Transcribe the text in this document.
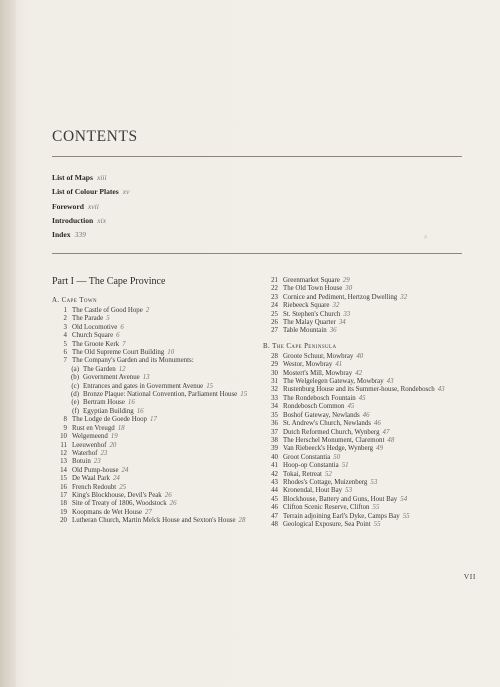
CONTENTS
List of Maps xiii
List of Colour Plates xv
Foreword xvii
Introduction xix
Index 339	^
Part I — The Cape Province
A. Cape Town
1 The Castle of Good Hope 2
2 The Parade 5
3 Old Locomotive 6
4 Church Square 6
5 The Groote Kerk 7
6 The Old Supreme Court Building 10
7 The Company's Garden and its Monuments:
(a) The Garden 12
(b) Government Avenue 13
(c) Entrances and gates in Government Avenue 15
(d) Bronze Plaque: National Convention, Parliament House 15
(e) Bertram House 16
(f) Egyptian Building 16
8 The Lodge de Goede Hoop 17
9 Rust en Vreugd 18
10 Welgemeend 19
11 Leeuwenhof 20
12 Waterhof 23
13 Botuin 23
14 Old Pump-house 24
15 De Waal Park 24
16 French Redoubt 25
17 King's Blockhouse, Devil's Peak 26
18 Site of Treaty of 1806, Woodstock 26
19 Koopmans de Wet House 27
20 Lutheran Church, Martin Melck House and Sexton's House 28
21 Greenmarket Square 29
22 The Old Town House 30
23 Cornice and Pediment, Hertzog Dwelling 32
24 Riebeeck Square 32
25 St. Stephen's Church 33
26 The Malay Quarter 34
27 Table Mountain 36
B. The Cape Peninsula
28 Groote Schuur, Mowbray 40
29 Westor, Mowbray 41
30 Mostert's Mill, Mowbray 42
31 The Welgelegen Gateway, Mowbray 43
32 Rustenburg House and its Summer-house, Rondebosch 43
33 The Rondebosch Fountain 45
34 Rondebosch Common 45
35 Boshof Gateway, Newlands 46
36 St. Andrew's Church, Newlands 46
37 Dutch Reformed Church, Wynberg 47
38 The Herschel Monument, Claremont 48
39 Van Riebeeck's Hedge, Wynberg 49
40 Groot Constantia 50
41 Hoop-op Constantia 51
42 Tokai, Retreat 52
43 Rhodes's Cottage, Muizenberg 53
44 Kronendal, Hout Bay 53
45 Blockhouse, Battery and Guns, Hout Bay 54
46 Clifton Scenic Reserve, Clifton 55
47 Terrain adjoining Earl's Dyke, Camps Bay 55
48 Geological Exposure, Sea Point 55
VII
